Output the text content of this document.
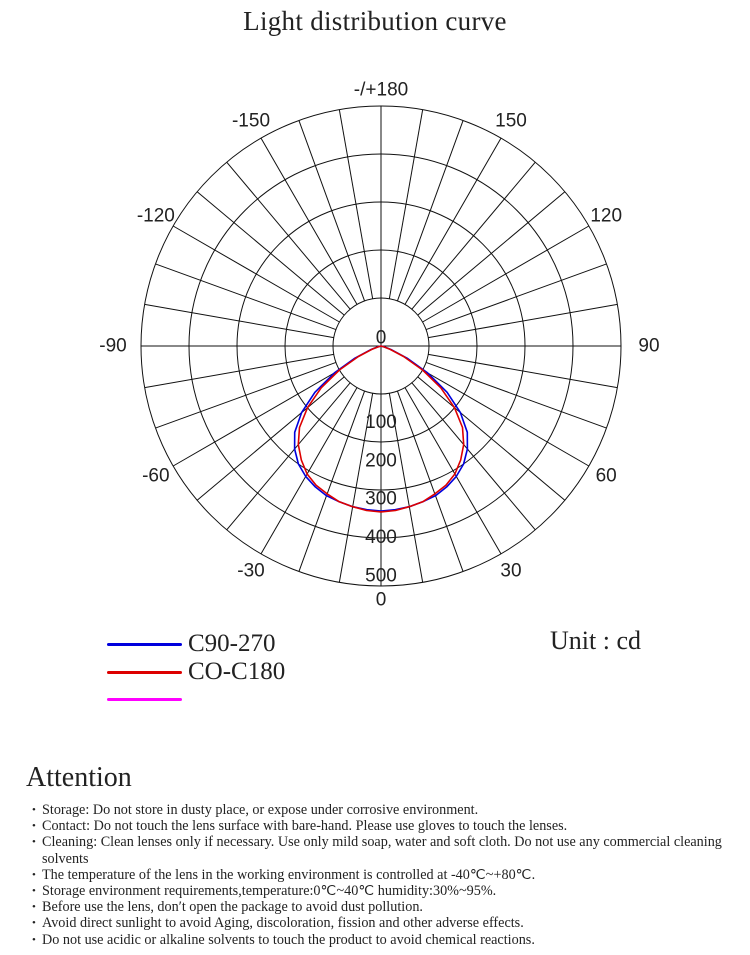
Light distribution curve
-/+180
150
-150
120
-120
90
-90
60
-60
30
-30
0
0
100
200
300
400
500
C90-270
CO-C180
Unit : cd
Attention
• Storage: Do not store in dusty place, or expose under corrosive environment.
• Contact: Do not touch the lens surface with bare-hand. Please use gloves to touch the lenses.
• Cleaning: Clean lenses only if necessary. Use only mild soap, water and soft cloth. Do not use any commercial cleaning solvents
• The temperature of the lens in the working environment is controlled at -40℃~+80℃.
• Storage environment requirements,temperature:0℃~40℃ humidity:30%~95%.
• Before use the lens, don′t open the package to avoid dust pollution.
• Avoid direct sunlight to avoid Aging, discoloration, fission and other adverse effects.
• Do not use acidic or alkaline solvents to touch the product to avoid chemical reactions.
